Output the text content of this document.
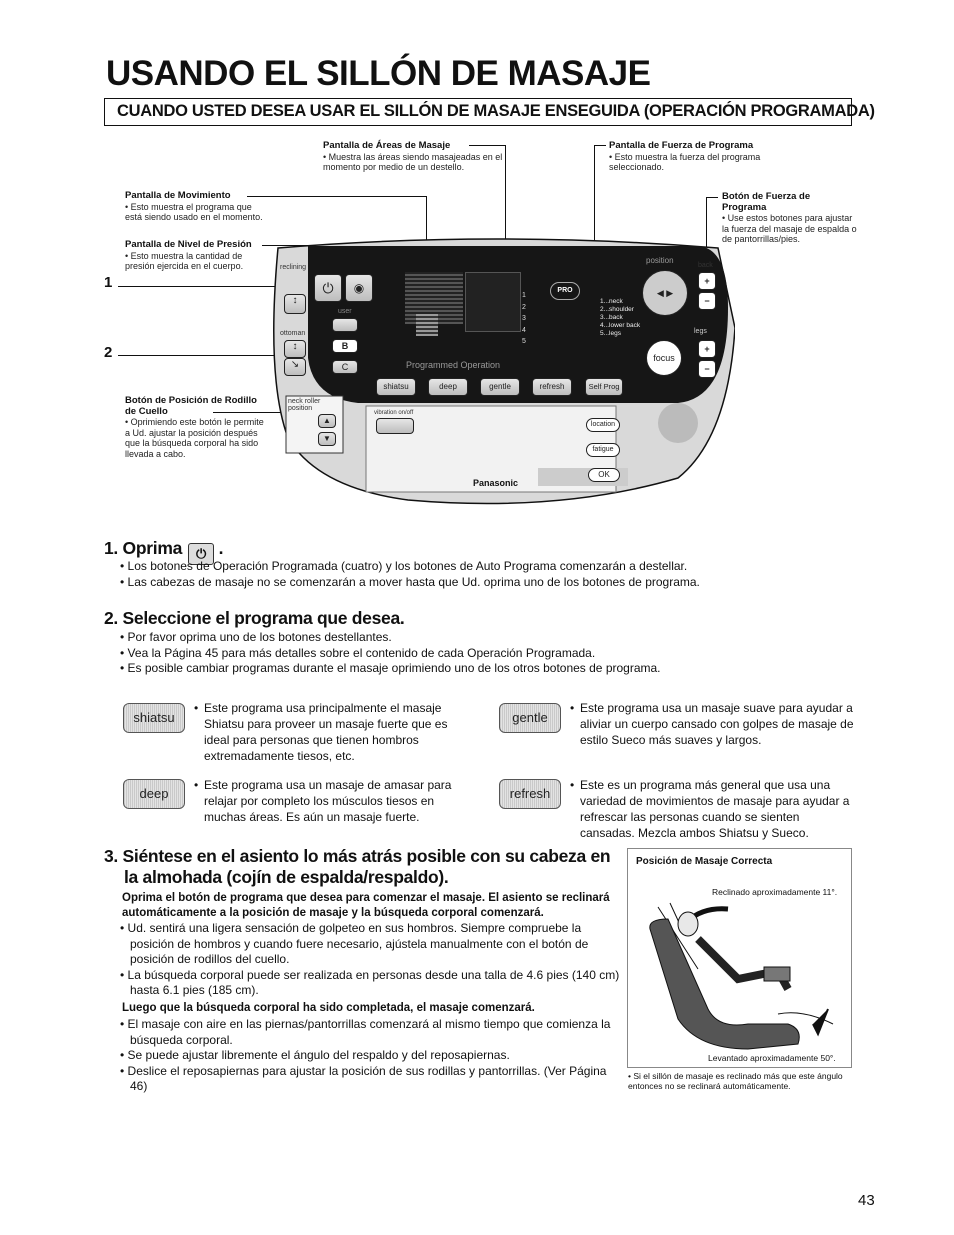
USANDO EL SILLÓN DE MASAJE
CUANDO USTED DESEA USAR EL SILLÓN DE MASAJE ENSEGUIDA (OPERACIÓN PROGRAMADA)
Pantalla de Áreas de Masaje
• Muestra las áreas siendo masajeadas en el momento por medio de un destello.
Pantalla de Fuerza de Programa
• Esto muestra la fuerza del programa seleccionado.
Pantalla de Movimiento
• Esto muestra el programa que está siendo usado en el momento.
Pantalla de Nivel de Presión
• Esto muestra la cantidad de presión ejercida en el cuerpo.
Botón de Fuerza de Programa
• Use estos botones para ajustar la fuerza del masaje de espalda o de pantorrillas/pies.
Botón de Posición de Rodillo de Cuello
• Oprimiendo este botón le permite a Ud. ajustar la posición después que la búsqueda corporal ha sido llevada a cabo.
1
2
⏻	◉
reclining
↕
ottoman
↕
↘
user
B
C
PRO
1
2
3
4
5
1...neck
2...shoulder
3...back
4...lower back
5...legs
position
◀ ▶
back
+
−
legs
+
−
focus
Programmed Operation
shiatsu	deep	gentle	refresh	Self Prog
neck roller position
▲
▼
vibration on/off
location
fatigue
OK
Panasonic
1. Oprima ⏻ .
• Los botones de Operación Programada (cuatro) y los botones de Auto Programa comenzarán a destellar.
• Las cabezas de masaje no se comenzarán a mover hasta que Ud. oprima uno de los botones de programa.
2. Seleccione el programa que desea.
• Por favor oprima uno de los botones destellantes.
• Vea la Página 45 para más detalles sobre el contenido de cada Operación Programada.
• Es posible cambiar programas durante el masaje oprimiendo uno de los otros botones de programa.
shiatsu
• Este programa usa principalmente el masaje Shiatsu para proveer un masaje fuerte que es ideal para personas que tienen hombros extremadamente tiesos, etc.
gentle
• Este programa usa un masaje suave para ayudar a aliviar un cuerpo cansado con golpes de masaje de estilo Sueco más suaves y largos.
deep
• Este programa usa un masaje de amasar para relajar por completo los músculos tiesos en muchas áreas. Es aún un masaje fuerte.
refresh
• Este es un programa más general que usa una variedad de movimientos de masaje para ayudar a refrescar las personas cuando se sienten cansadas. Mezcla ambos Shiatsu y Sueco.
3. Siéntese en el asiento lo más atrás posible con su cabeza en
la almohada (cojín de espalda/respaldo).
Oprima el botón de programa que desea para comenzar el masaje. El asiento se reclinará automáticamente a la posición de masaje y la búsqueda corporal comenzará.
• Ud. sentirá una ligera sensación de golpeteo en sus hombros. Siempre compruebe la posición de hombros y cuando fuere necesario, ajústela manualmente con el botón de posición de rodillos del cuello.
• La búsqueda corporal puede ser realizada en personas desde una talla de 4.6 pies (140 cm) hasta 6.1 pies (185 cm).
Luego que la búsqueda corporal ha sido completada, el masaje comenzará.
• El masaje con aire en las piernas/pantorrillas comenzará al mismo tiempo que comienza la búsqueda corporal.
• Se puede ajustar libremente el ángulo del respaldo y del reposapiernas.
• Deslice el reposapiernas para ajustar la posición de sus rodillas y pantorrillas. (Ver Página 46)
Posición de Masaje Correcta
Reclinado aproximadamente 11°.
Levantado aproximadamente 50°.
• Si el sillón de masaje es reclinado más que este ángulo entonces no se reclinará automáticamente.
43
